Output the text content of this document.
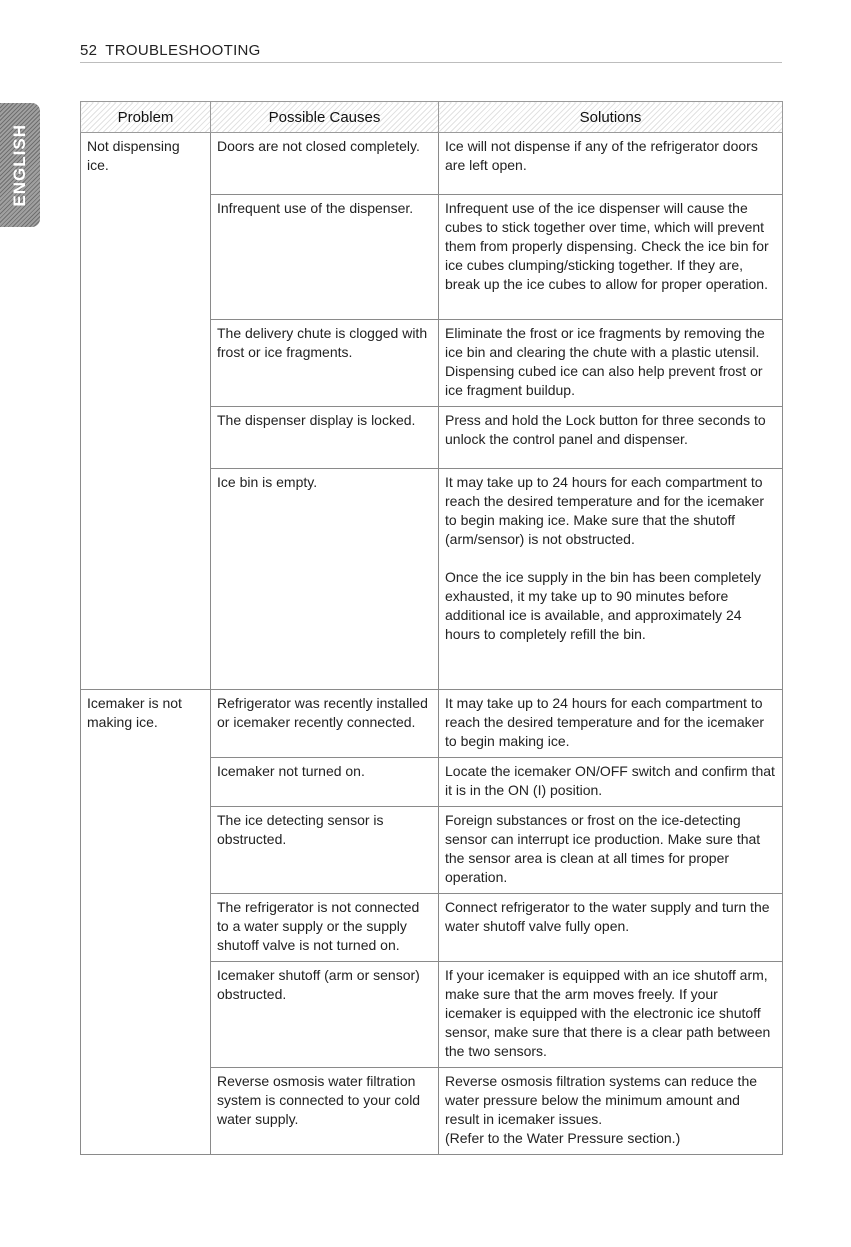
52 TROUBLESHOOTING
ENGLISH
Problem	Possible Causes	Solutions
Not dispensing ice.	Doors are not closed completely.	Ice will not dispense if any of the refrigerator doors are left open.
	Infrequent use of the dispenser.	Infrequent use of the ice dispenser will cause the cubes to stick together over time, which will prevent them from properly dispensing. Check the ice bin for ice cubes clumping/sticking together. If they are, break up the ice cubes to allow for proper operation.
	The delivery chute is clogged with frost or ice fragments.	Eliminate the frost or ice fragments by removing the ice bin and clearing the chute with a plastic utensil. Dispensing cubed ice can also help prevent frost or ice fragment buildup.
	The dispenser display is locked.	Press and hold the Lock button for three seconds to unlock the control panel and dispenser.
	Ice bin is empty.	It may take up to 24 hours for each compartment to reach the desired temperature and for the icemaker to begin making ice. Make sure that the shutoff
(arm/sensor) is not obstructed.

Once the ice supply in the bin has been completely exhausted, it my take up to 90 minutes before additional ice is available, and approximately 24 hours to completely refill the bin.
Icemaker is not making ice.	Refrigerator was recently installed or icemaker recently connected.	It may take up to 24 hours for each compartment to reach the desired temperature and for the icemaker to begin making ice.
	Icemaker not turned on.	Locate the icemaker ON/OFF switch and confirm that it is in the ON (I) position.
	The ice detecting sensor is obstructed.	Foreign substances or frost on the ice-detecting sensor can interrupt ice production. Make sure that the sensor area is clean at all times for proper operation.
	The refrigerator is not connected to a water supply or the supply shutoff valve is not turned on.	Connect refrigerator to the water supply and turn the water shutoff valve fully open.
	Icemaker shutoff (arm or sensor) obstructed.	If your icemaker is equipped with an ice shutoff arm, make sure that the arm moves freely. If your icemaker is equipped with the electronic ice shutoff sensor, make sure that there is a clear path between the two sensors.
	Reverse osmosis water filtration system is connected to your cold water supply.	Reverse osmosis filtration systems can reduce the water pressure below the minimum amount and result in icemaker issues.
(Refer to the Water Pressure section.)
